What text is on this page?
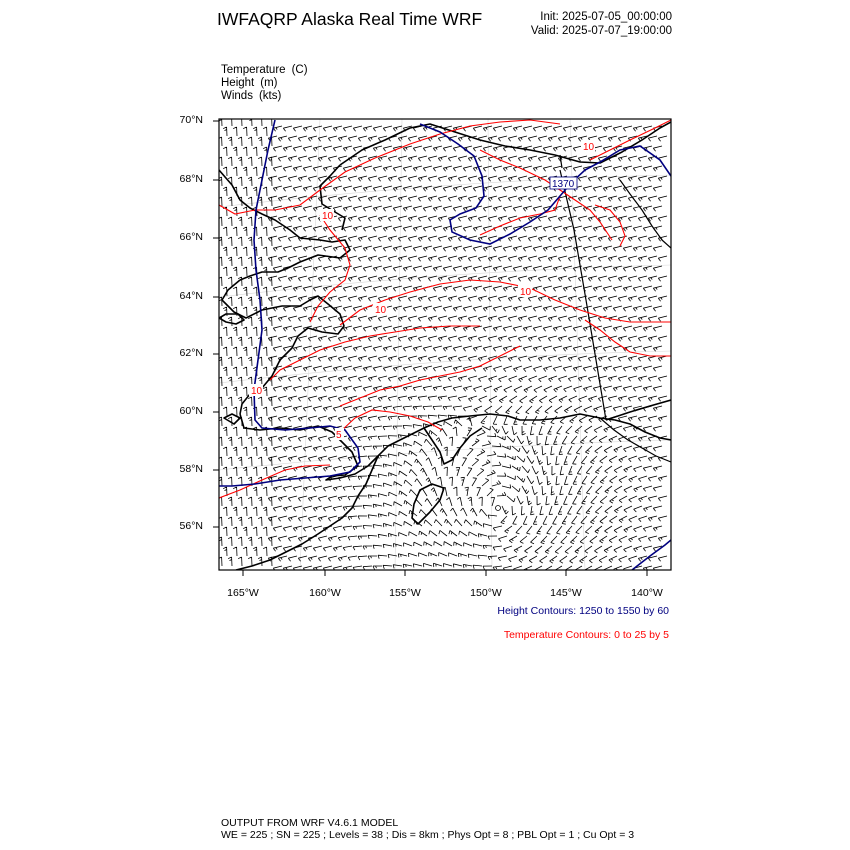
IWFAQRP Alaska Real Time WRF	Init: 2025-07-05_00:00:00
Valid: 2025-07-07_19:00:00
Temperature (C)
Height (m)
Winds (kts)
10
10
10
10
10
5
1370
70°N
68°N
66°N
64°N
62°N
60°N
58°N
56°N
165°W	160°W	155°W	150°W	145°W	140°W
Height Contours: 1250 to 1550 by 60
Temperature Contours: 0 to 25 by 5
OUTPUT FROM WRF V4.6.1 MODEL
WE = 225 ; SN = 225 ; Levels = 38 ; Dis = 8km ; Phys Opt = 8 ; PBL Opt = 1 ; Cu Opt = 3
